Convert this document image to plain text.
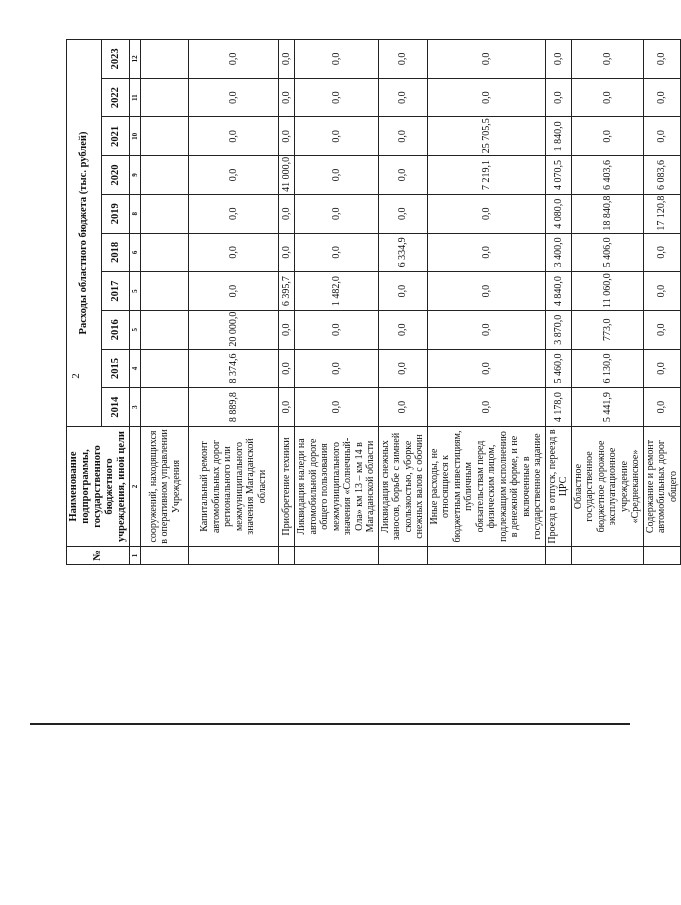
2
№	Наименование подпрограммы, государственного бюджетного учреждения, иной цели	Расходы областного бюджета (тыс. рублей)									
		2014	2015	2016	2017	2018	2019	2020	2021	2022	2023
1	2	3	4	5	5	6	8	9	10	11	12
	сооружений, находящихся в оперативном управлении Учреждения										
	Капитальный ремонт автомобильных дорог регионального или межмуниципального значения Магаданской области	8 889,8	8 374,6	20 000,0	0,0	0,0	0,0	0,0	0,0	0,0	0,0
	Приобретение техники	0,0	0,0	0,0	6 395,7	0,0	0,0	41 000,0	0,0	0,0	0,0
	Ликвидация наледи на автомобильной дороге общего пользования межмуниципального значения «Солнечный-Ола» км 13 – км 14 в Магаданской области	0,0	0,0	0,0	1 482,0	0,0	0,0	0,0	0,0	0,0	0,0
	Ликвидация снежных заносов, борьбе с зимней скользкостью, уборке снежных валов с обочин	0,0	0,0	0,0	0,0	6 334,9	0,0	0,0	0,0	0,0	0,0
	Иные расходы, не относящиеся к бюджетным инвестициям, публичным обязательствам перед физическим лицом, подлежащим исполнению в денежной форме, и не включенные в государственное задание	0,0	0,0	0,0	0,0	0,0	0,0	7 219,1	25 705,5	0,0	0,0
	Проезд в отпуск, переезд в ЦРС	4 178,0	5 460,0	3 870,0	4 840,0	3 400,0	4 080,0	4 070,5	1 840,0	0,0	0,0
	Областное государственное бюджетное дорожное эксплуатационное учреждение «Среднеканское»	5 441,9	6 130,0	773,0	11 060,0	5 406,0	18 840,8	6 403,6	0,0	0,0	0,0
	Содержание и ремонт автомобильных дорог общего	0,0	0,0	0,0	0,0	0,0	17 120,8	6 083,6	0,0	0,0	0,0
